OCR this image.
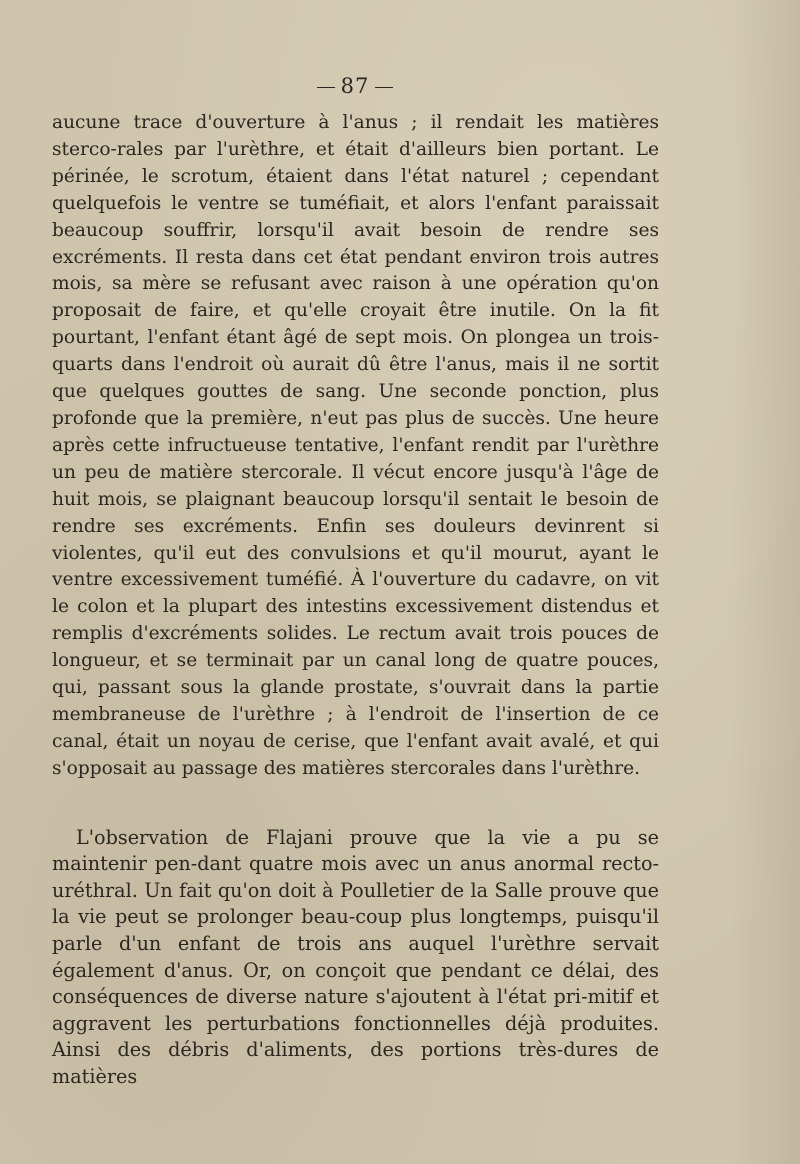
87

aucune trace d'ouverture à l'anus ; il rendait les matières sterco-rales par l'urèthre, et était d'ailleurs bien portant. Le périnée, le scrotum, étaient dans l'état naturel ; cependant quelquefois le ventre se tuméfiait, et alors l'enfant paraissait beaucoup souffrir, lorsqu'il avait besoin de rendre ses excréments. Il resta dans cet état pendant environ trois autres mois, sa mère se refusant avec raison à une opération qu'on proposait de faire, et qu'elle croyait être inutile. On la fit pourtant, l'enfant étant âgé de sept mois. On plongea un trois-quarts dans l'endroit où aurait dû être l'anus, mais il ne sortit que quelques gouttes de sang. Une seconde ponction, plus profonde que la première, n'eut pas plus de succès. Une heure après cette infructueuse tentative, l'enfant rendit par l'urèthre un peu de matière stercorale. Il vécut encore jusqu'à l'âge de huit mois, se plaignant beaucoup lorsqu'il sentait le besoin de rendre ses excréments. Enfin ses douleurs devinrent si violentes, qu'il eut des convulsions et qu'il mourut, ayant le ventre excessivement tuméfié. À l'ouverture du cadavre, on vit le colon et la plupart des intestins excessivement distendus et remplis d'excréments solides. Le rectum avait trois pouces de longueur, et se terminait par un canal long de quatre pouces, qui, passant sous la glande prostate, s'ouvrait dans la partie membraneuse de l'urèthre ; à l'endroit de l'insertion de ce canal, était un noyau de cerise, que l'enfant avait avalé, et qui s'opposait au passage des matières stercorales dans l'urèthre.

L'observation de Flajani prouve que la vie a pu se maintenir pen-dant quatre mois avec un anus anormal recto-uréthral. Un fait qu'on doit à Poulletier de la Salle prouve que la vie peut se prolonger beau-coup plus longtemps, puisqu'il parle d'un enfant de trois ans auquel l'urèthre servait également d'anus. Or, on conçoit que pendant ce délai, des conséquences de diverse nature s'ajoutent à l'état pri-mitif et aggravent les perturbations fonctionnelles déjà produites. Ainsi des débris d'aliments, des portions très-dures de matières
